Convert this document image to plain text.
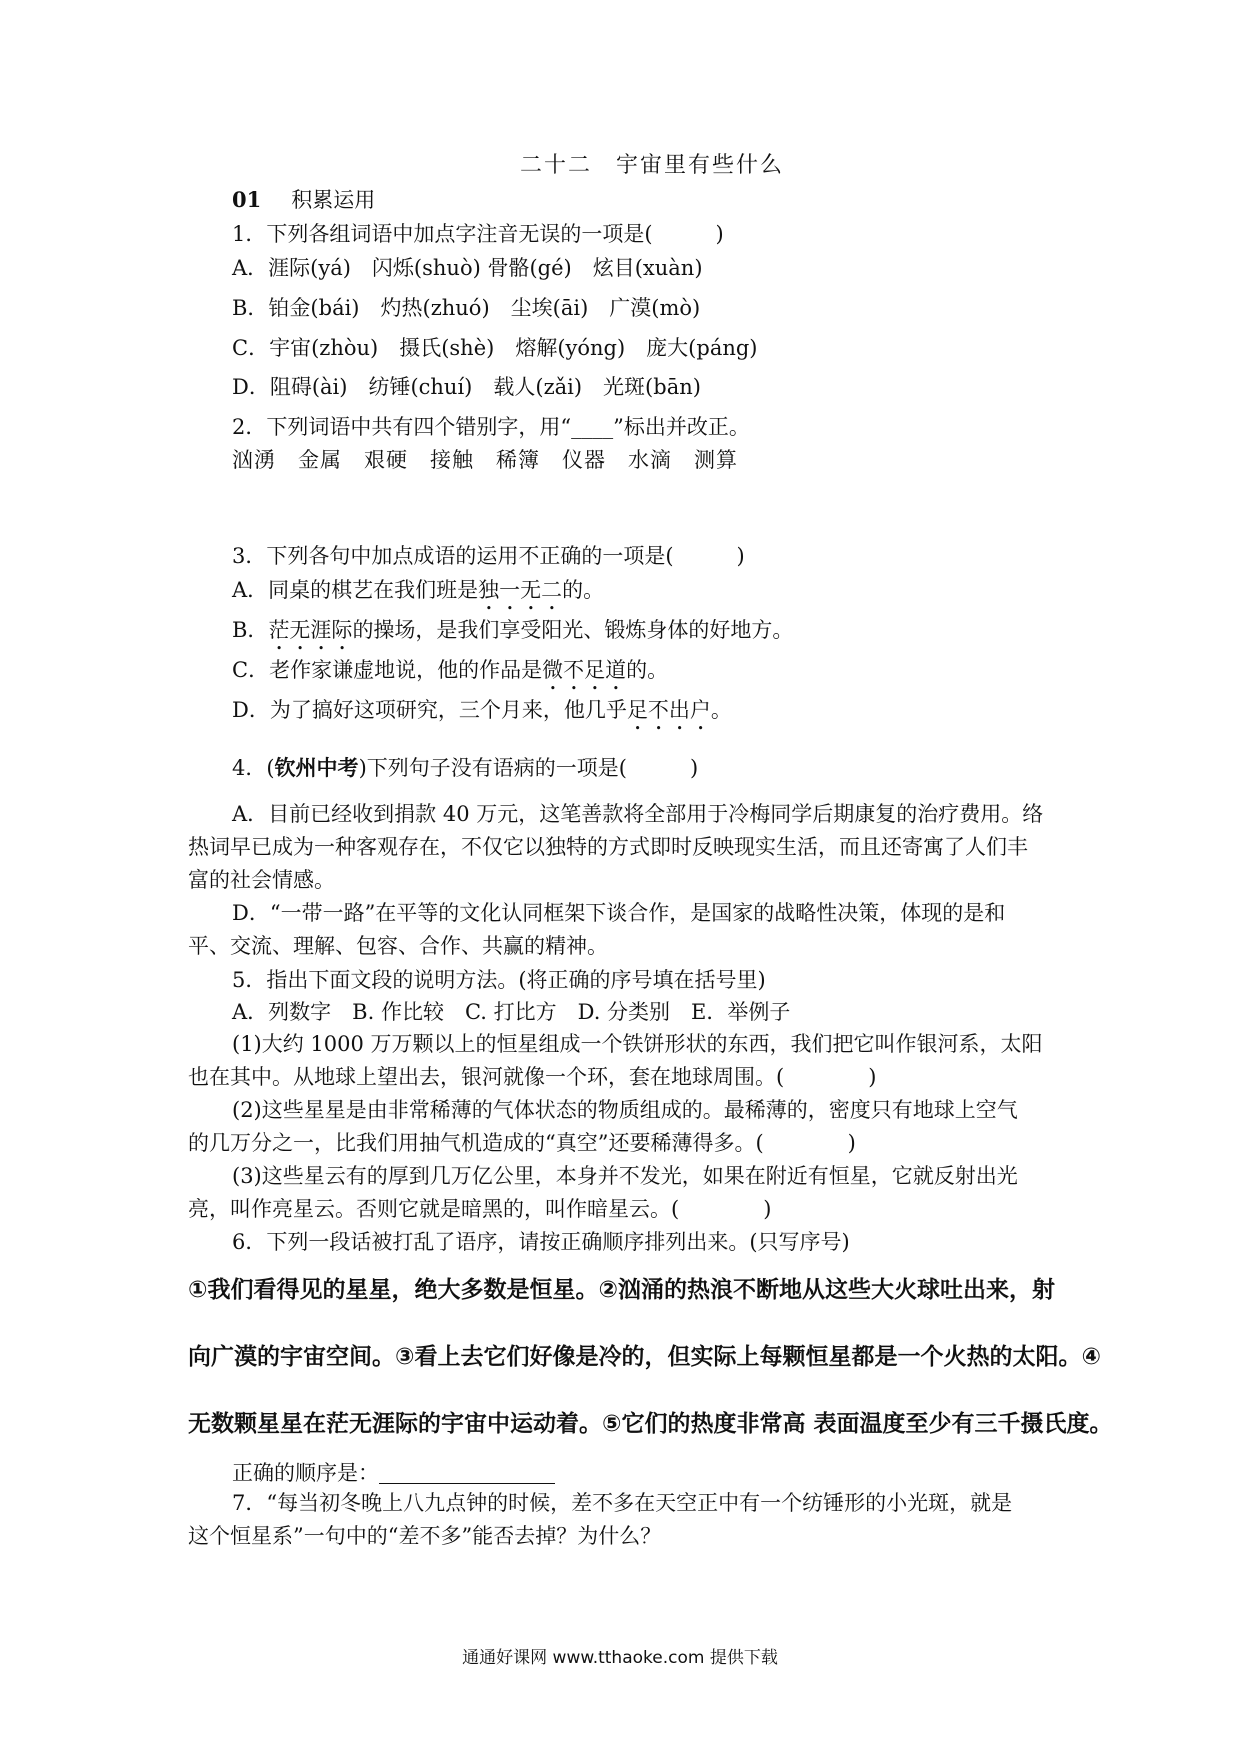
二十二　宇宙里有些什么
01 积累运用
1．下列各组词语中加点字注音无误的一项是(　　　)
A．涯际(yá)　闪烁(shuò) 骨骼(gé)　炫目(xuàn)
B．铂金(bái)　灼热(zhuó)　尘埃(āi)　广漠(mò)
C．宇宙(zhòu)　摄氏(shè)　熔解(yóng)　庞大(páng)
D．阻碍(ài)　纺锤(chuí)　载人(zǎi)　光斑(bān)
2．下列词语中共有四个错别字，用“____”标出并改正。
汹湧　金属　艰硬　接触　稀簿　仪器　水滴　测算
3．下列各句中加点成语的运用不正确的一项是(　　　)
A．同桌的棋艺在我们班是独一无二的。
B．茫无涯际的操场，是我们享受阳光、锻炼身体的好地方。
C．老作家谦虚地说，他的作品是微不足道的。
D．为了搞好这项研究，三个月来，他几乎足不出户。
4．(钦州中考)下列句子没有语病的一项是(　　　)
A．目前已经收到捐款 40 万元，这笔善款将全部用于冷梅同学后期康复的治疗费用。络
热词早已成为一种客观存在，不仅它以独特的方式即时反映现实生活，而且还寄寓了人们丰
富的社会情感。
D．“一带一路”在平等的文化认同框架下谈合作，是国家的战略性决策，体现的是和
平、交流、理解、包容、合作、共赢的精神。
5．指出下面文段的说明方法。(将正确的序号填在括号里)
A．列数字　B. 作比较　C. 打比方　D. 分类别　E．举例子
(1)大约 1000 万万颗以上的恒星组成一个铁饼形状的东西，我们把它叫作银河系，太阳
也在其中。从地球上望出去，银河就像一个环，套在地球周围。(　　　　)
(2)这些星星是由非常稀薄的气体状态的物质组成的。最稀薄的，密度只有地球上空气
的几万分之一，比我们用抽气机造成的“真空”还要稀薄得多。(　　　　)
(3)这些星云有的厚到几万亿公里，本身并不发光，如果在附近有恒星，它就反射出光
亮，叫作亮星云。否则它就是暗黑的，叫作暗星云。(　　　　)
6．下列一段话被打乱了语序，请按正确顺序排列出来。(只写序号)
①我们看得见的星星，绝大多数是恒星。②汹涌的热浪不断地从这些大火球吐出来，射
向广漠的宇宙空间。③看上去它们好像是冷的，但实际上每颗恒星都是一个火热的太阳。④
无数颗星星在茫无涯际的宇宙中运动着。⑤它们的热度非常高 表面温度至少有三千摄氏度。
正确的顺序是：
7．“每当初冬晚上八九点钟的时候，差不多在天空正中有一个纺锤形的小光斑，就是
这个恒星系”一句中的“差不多”能否去掉？为什么？
通通好课网 www.tthaoke.com 提供下载
